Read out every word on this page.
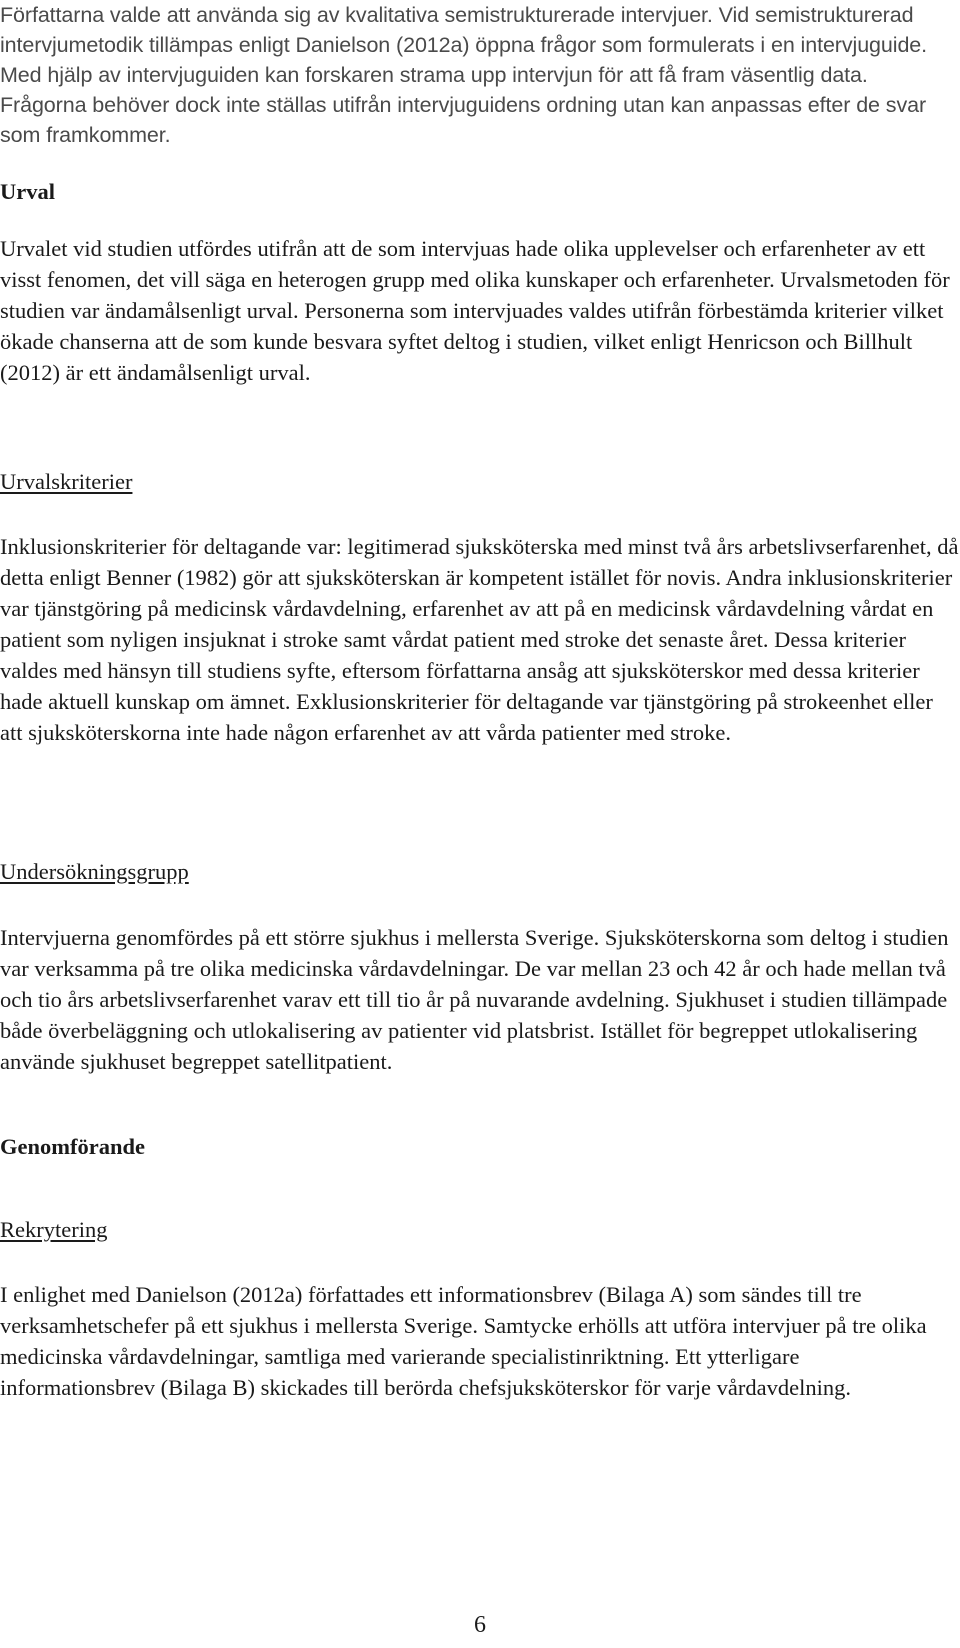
Författarna valde att använda sig av kvalitativa semistrukturerade intervjuer. Vid semistrukturerad intervjumetodik tillämpas enligt Danielson (2012a) öppna frågor som formulerats i en intervjuguide. Med hjälp av intervjuguiden kan forskaren strama upp intervjun för att få fram väsentlig data. Frågorna behöver dock inte ställas utifrån intervjuguidens ordning utan kan anpassas efter de svar som framkommer.

Urval

Urvalet vid studien utfördes utifrån att de som intervjuas hade olika upplevelser och erfarenheter av ett visst fenomen, det vill säga en heterogen grupp med olika kunskaper och erfarenheter. Urvalsmetoden för studien var ändamålsenligt urval. Personerna som intervjuades valdes utifrån förbestämda kriterier vilket ökade chanserna att de som kunde besvara syftet deltog i studien, vilket enligt Henricson och Billhult (2012) är ett ändamålsenligt urval.

Urvalskriterier

Inklusionskriterier för deltagande var: legitimerad sjuksköterska med minst två års arbetslivserfarenhet, då detta enligt Benner (1982) gör att sjuksköterskan är kompetent istället för novis. Andra inklusionskriterier var tjänstgöring på medicinsk vårdavdelning, erfarenhet av att på en medicinsk vårdavdelning vårdat en patient som nyligen insjuknat i stroke samt vårdat patient med stroke det senaste året. Dessa kriterier valdes med hänsyn till studiens syfte, eftersom författarna ansåg att sjuksköterskor med dessa kriterier hade aktuell kunskap om ämnet. Exklusionskriterier för deltagande var tjänstgöring på strokeenhet eller att sjuksköterskorna inte hade någon erfarenhet av att vårda patienter med stroke.

Undersökningsgrupp

Intervjuerna genomfördes på ett större sjukhus i mellersta Sverige. Sjuksköterskorna som deltog i studien var verksamma på tre olika medicinska vårdavdelningar. De var mellan 23 och 42 år och hade mellan två och tio års arbetslivserfarenhet varav ett till tio år på nuvarande avdelning. Sjukhuset i studien tillämpade både överbeläggning och utlokalisering av patienter vid platsbrist. Istället för begreppet utlokalisering använde sjukhuset begreppet satellitpatient.

Genomförande
Rekrytering

I enlighet med Danielson (2012a) författades ett informationsbrev (Bilaga A) som sändes till tre verksamhetschefer på ett sjukhus i mellersta Sverige. Samtycke erhölls att utföra intervjuer på tre olika medicinska vårdavdelningar, samtliga med varierande specialistinriktning. Ett ytterligare informationsbrev (Bilaga B) skickades till berörda chefsjuksköterskor för varje vårdavdelning.

6
